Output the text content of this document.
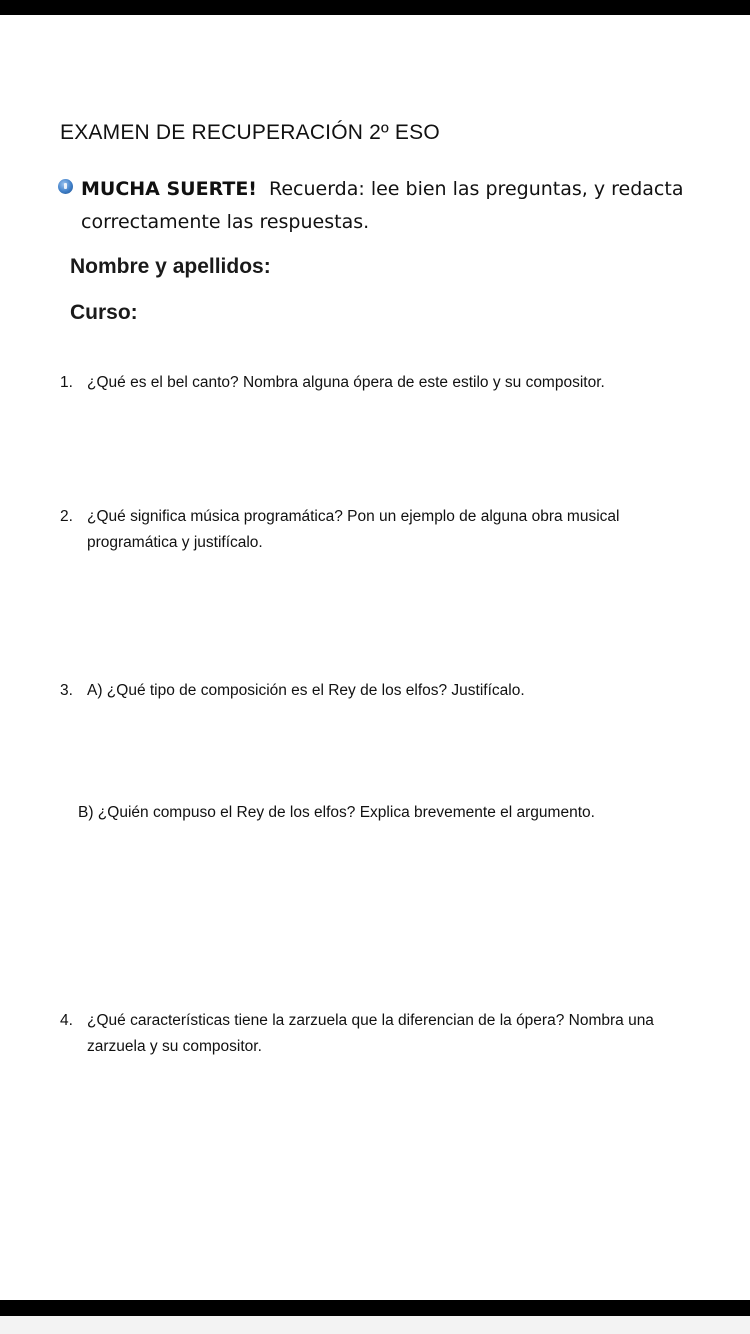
EXAMEN DE RECUPERACIÓN 2º ESO
MUCHA SUERTE! Recuerda: lee bien las preguntas, y redacta
correctamente las respuestas.
Nombre y apellidos:
Curso:
1. ¿Qué es el bel canto? Nombra alguna ópera de este estilo y su compositor.
2. ¿Qué significa música programática? Pon un ejemplo de alguna obra musical
programática y justifícalo.
3. A) ¿Qué tipo de composición es el Rey de los elfos? Justifícalo.
B) ¿Quién compuso el Rey de los elfos? Explica brevemente el argumento.
4. ¿Qué características tiene la zarzuela que la diferencian de la ópera? Nombra una
zarzuela y su compositor.
